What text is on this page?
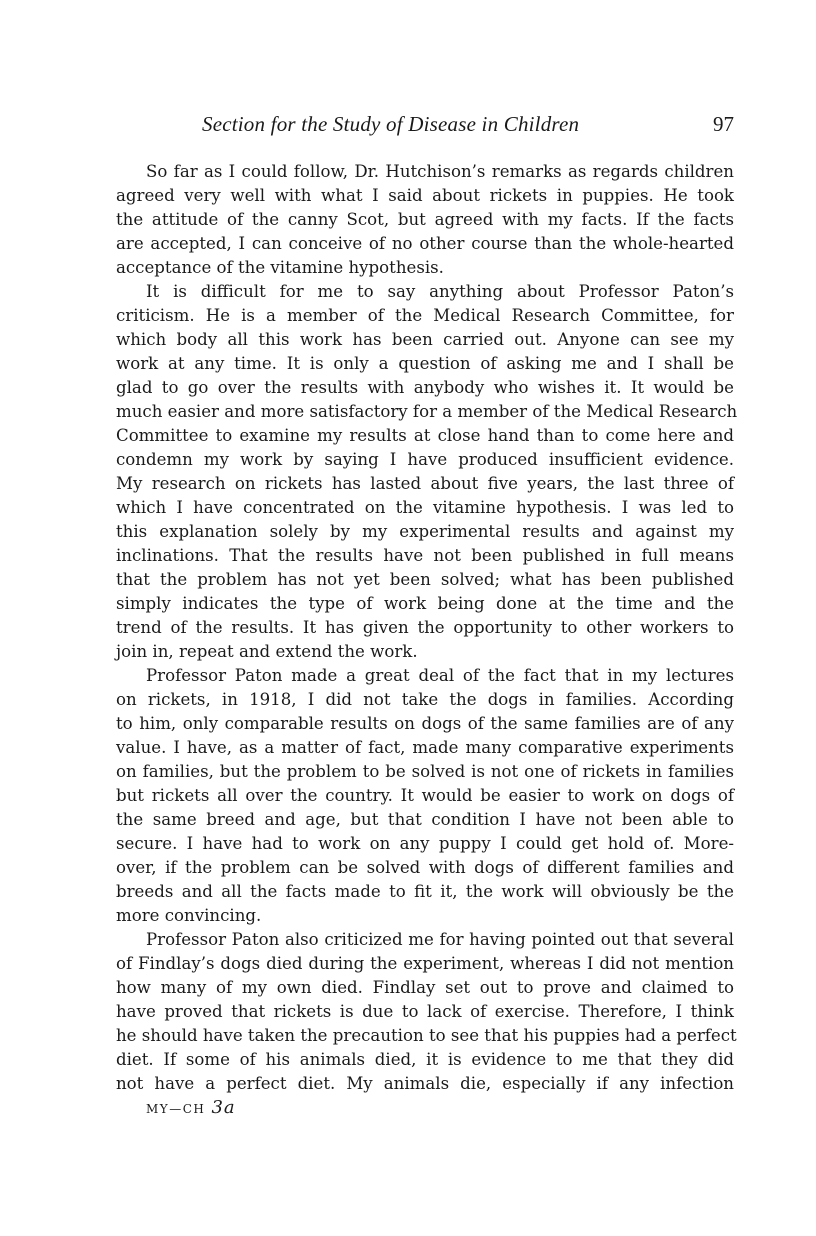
Section for the Study of Disease in Children	97
So far as I could follow, Dr. Hutchison’s remarks as regards children
agreed very well with what I said about rickets in puppies. He took
the attitude of the canny Scot, but agreed with my facts. If the facts
are accepted, I can conceive of no other course than the whole-hearted
acceptance of the vitamine hypothesis.
It is difficult for me to say anything about Professor Paton’s
criticism. He is a member of the Medical Research Committee, for
which body all this work has been carried out. Anyone can see my
work at any time. It is only a question of asking me and I shall be
glad to go over the results with anybody who wishes it. It would be
much easier and more satisfactory for a member of the Medical Research
Committee to examine my results at close hand than to come here and
condemn my work by saying I have produced insufficient evidence.
My research on rickets has lasted about five years, the last three of
which I have concentrated on the vitamine hypothesis. I was led to
this explanation solely by my experimental results and against my
inclinations. That the results have not been published in full means
that the problem has not yet been solved; what has been published
simply indicates the type of work being done at the time and the
trend of the results. It has given the opportunity to other workers to
join in, repeat and extend the work.
Professor Paton made a great deal of the fact that in my lectures
on rickets, in 1918, I did not take the dogs in families. According
to him, only comparable results on dogs of the same families are of any
value. I have, as a matter of fact, made many comparative experiments
on families, but the problem to be solved is not one of rickets in families
but rickets all over the country. It would be easier to work on dogs of
the same breed and age, but that condition I have not been able to
secure. I have had to work on any puppy I could get hold of. More-
over, if the problem can be solved with dogs of different families and
breeds and all the facts made to fit it, the work will obviously be the
more convincing.
Professor Paton also criticized me for having pointed out that several
of Findlay’s dogs died during the experiment, whereas I did not mention
how many of my own died. Findlay set out to prove and claimed to
have proved that rickets is due to lack of exercise. Therefore, I think
he should have taken the precaution to see that his puppies had a perfect
diet. If some of his animals died, it is evidence to me that they did
not have a perfect diet. My animals die, especially if any infection
MY—CH 3a
